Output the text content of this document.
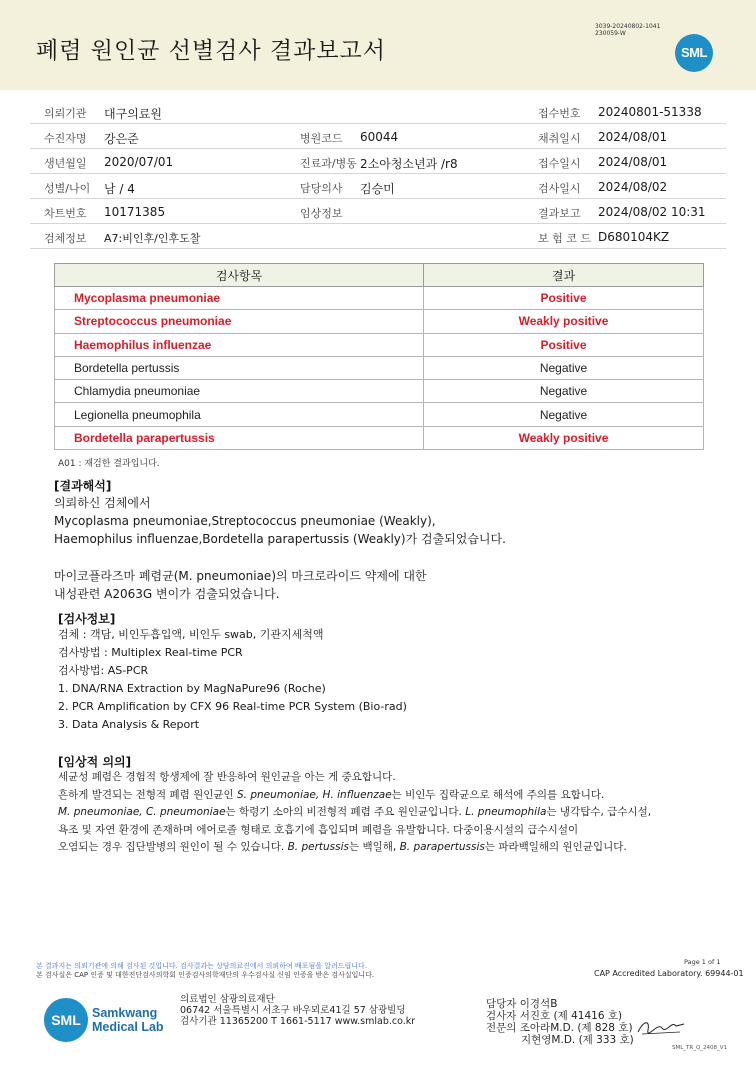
폐렴 원인균 선별검사 결과보고서
3039-20240802-1041
230059-W
SML
의뢰기관 대구의료원	접수번호 20240801-51338
수진자명 강은준	병원코드 60044	채취일시 2024/08/01
생년월일 2020/07/01	진료과/병동 2소아청소년과 /r8	접수일시 2024/08/01
성별/나이 남 / 4	담당의사 김승미	검사일시 2024/08/02
차트번호 10171385	임상정보	결과보고 2024/08/02 10:31
검체정보 A7:비인후/인후도찰	보 험 코 드 D680104KZ
검사항목	결과
Mycoplasma pneumoniae	Positive
Streptococcus pneumoniae	Weakly positive
Haemophilus influenzae	Positive
Bordetella pertussis	Negative
Chlamydia pneumoniae	Negative
Legionella pneumophila	Negative
Bordetella parapertussis	Weakly positive
A01 : 재검한 결과입니다.
[결과해석]
의뢰하신 검체에서
Mycoplasma pneumoniae,Streptococcus pneumoniae (Weakly),
Haemophilus influenzae,Bordetella parapertussis (Weakly)가 검출되었습니다.
마이코플라즈마 폐렴균(M. pneumoniae)의 마크로라이드 약제에 대한
내성관련 A2063G 변이가 검출되었습니다.
[검사정보]
검체 : 객담, 비인두흡입액, 비인두 swab, 기관지세척액
검사방법 : Multiplex Real-time PCR
검사방법: AS-PCR
1. DNA/RNA Extraction by MagNaPure96 (Roche)
2. PCR Amplification by CFX 96 Real-time PCR System (Bio-rad)
3. Data Analysis & Report
[임상적 의의]
세균성 폐렴은 경험적 항생제에 잘 반응하여 원인균을 아는 게 중요합니다.
흔하게 발견되는 전형적 폐렴 원인균인 S. pneumoniae, H. influenzae는 비인두 집락균으로 해석에 주의를 요합니다.
M. pneumoniae, C. pneumoniae는 학령기 소아의 비전형적 폐렴 주요 원인균입니다. L. pneumophila는 냉각탑수, 급수시설,
욕조 및 자연 환경에 존재하며 에어로졸 형태로 호흡기에 흡입되며 폐렴을 유발합니다. 다중이용시설의 급수시설이
오염되는 경우 집단발병의 원인이 될 수 있습니다. B. pertussis는 백일해, B. parapertussis는 파라백일해의 원인균입니다.
본 결과지는 의뢰기관에 의해 검사된 것입니다. 검사결과는 상담의료진에서 의뢰하여 배포됨을 알려드립니다.
본 검사실은 CAP 인증 및 대한진단검사의학회 인증검사의학재단의 우수검사실 신임 인증을 받은 검사실입니다.
Page 1 of 1
CAP Accredited Laboratory. 69944-01
SML Samkwang
Medical Lab
의료법인 삼광의료재단
06742 서울특별시 서초구 바우뫼로41길 57 삼광빌딩
검사기관 11365200 T 1661-5117 www.smlab.co.kr
담당자 이경석B
검사자 서진호 (제 41416 호)
전문의 조아라M.D. (제 828 호)
지현영M.D. (제 333 호)
SML_TR_Q_2408_V1
